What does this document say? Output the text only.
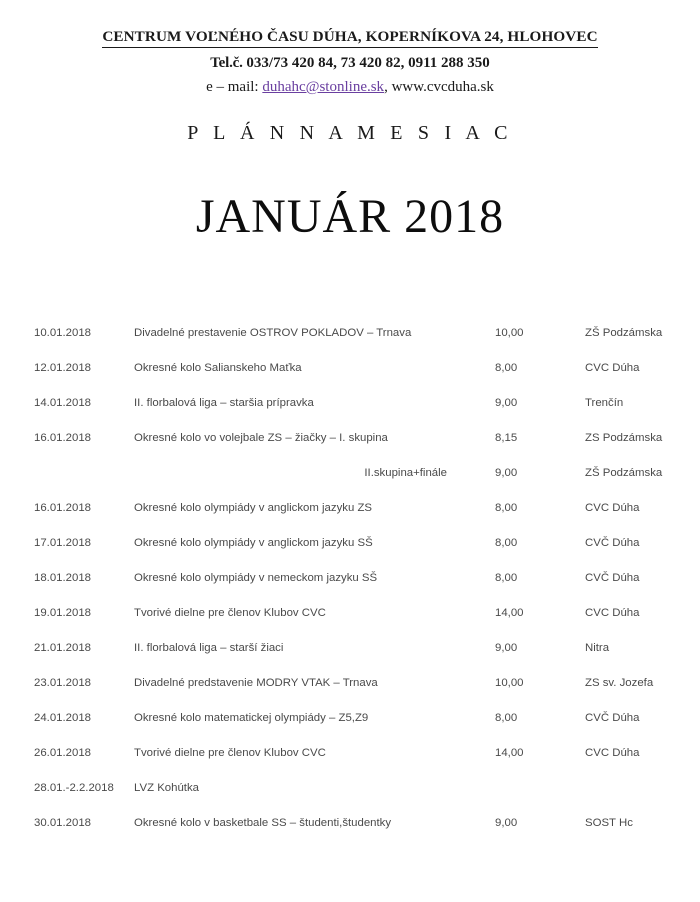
CENTRUM VOĽNÉHO ČASU DÚHA, KOPERNÍKOVA 24, HLOHOVEC
Tel.č. 033/73 420 84, 73 420 82, 0911 288 350
e – mail: duhahc@stonline.sk, www.cvcduha.sk
P L Á N N A M E S I A C
JANUÁR 2018
10.01.2018	Divadelné prestavenie OSTROV POKLADOV – Trnava	10,00	ZŠ Podzámska
12.01.2018	Okresné kolo Salianskeho Maťka	8,00	CVC Dúha
14.01.2018	II. florbalová liga – staršia prípravka	9,00	Trenčín
16.01.2018	Okresné kolo vo volejbale ZS – žiačky – I. skupina	8,15	ZS Podzámska
	II.skupina+finále	9,00	ZŠ Podzámska
16.01.2018	Okresné kolo olympiády v anglickom jazyku ZS	8,00	CVC Dúha
17.01.2018	Okresné kolo olympiády v anglickom jazyku SŠ	8,00	CVČ Dúha
18.01.2018	Okresné kolo olympiády v nemeckom jazyku SŠ	8,00	CVČ Dúha
19.01.2018	Tvorivé dielne pre členov Klubov CVC	14,00	CVC Dúha
21.01.2018	II. florbalová liga – starší žiaci	9,00	Nitra
23.01.2018	Divadelné predstavenie MODRY VTAK – Trnava	10,00	ZS sv. Jozefa
24.01.2018	Okresné kolo matematickej olympiády – Z5,Z9	8,00	CVČ Dúha
26.01.2018	Tvorivé dielne pre členov Klubov CVC	14,00	CVC Dúha
28.01.-2.2.2018	LVZ Kohútka		
30.01.2018	Okresné kolo v basketbale SS – študenti,študentky	9,00	SOST Hc
